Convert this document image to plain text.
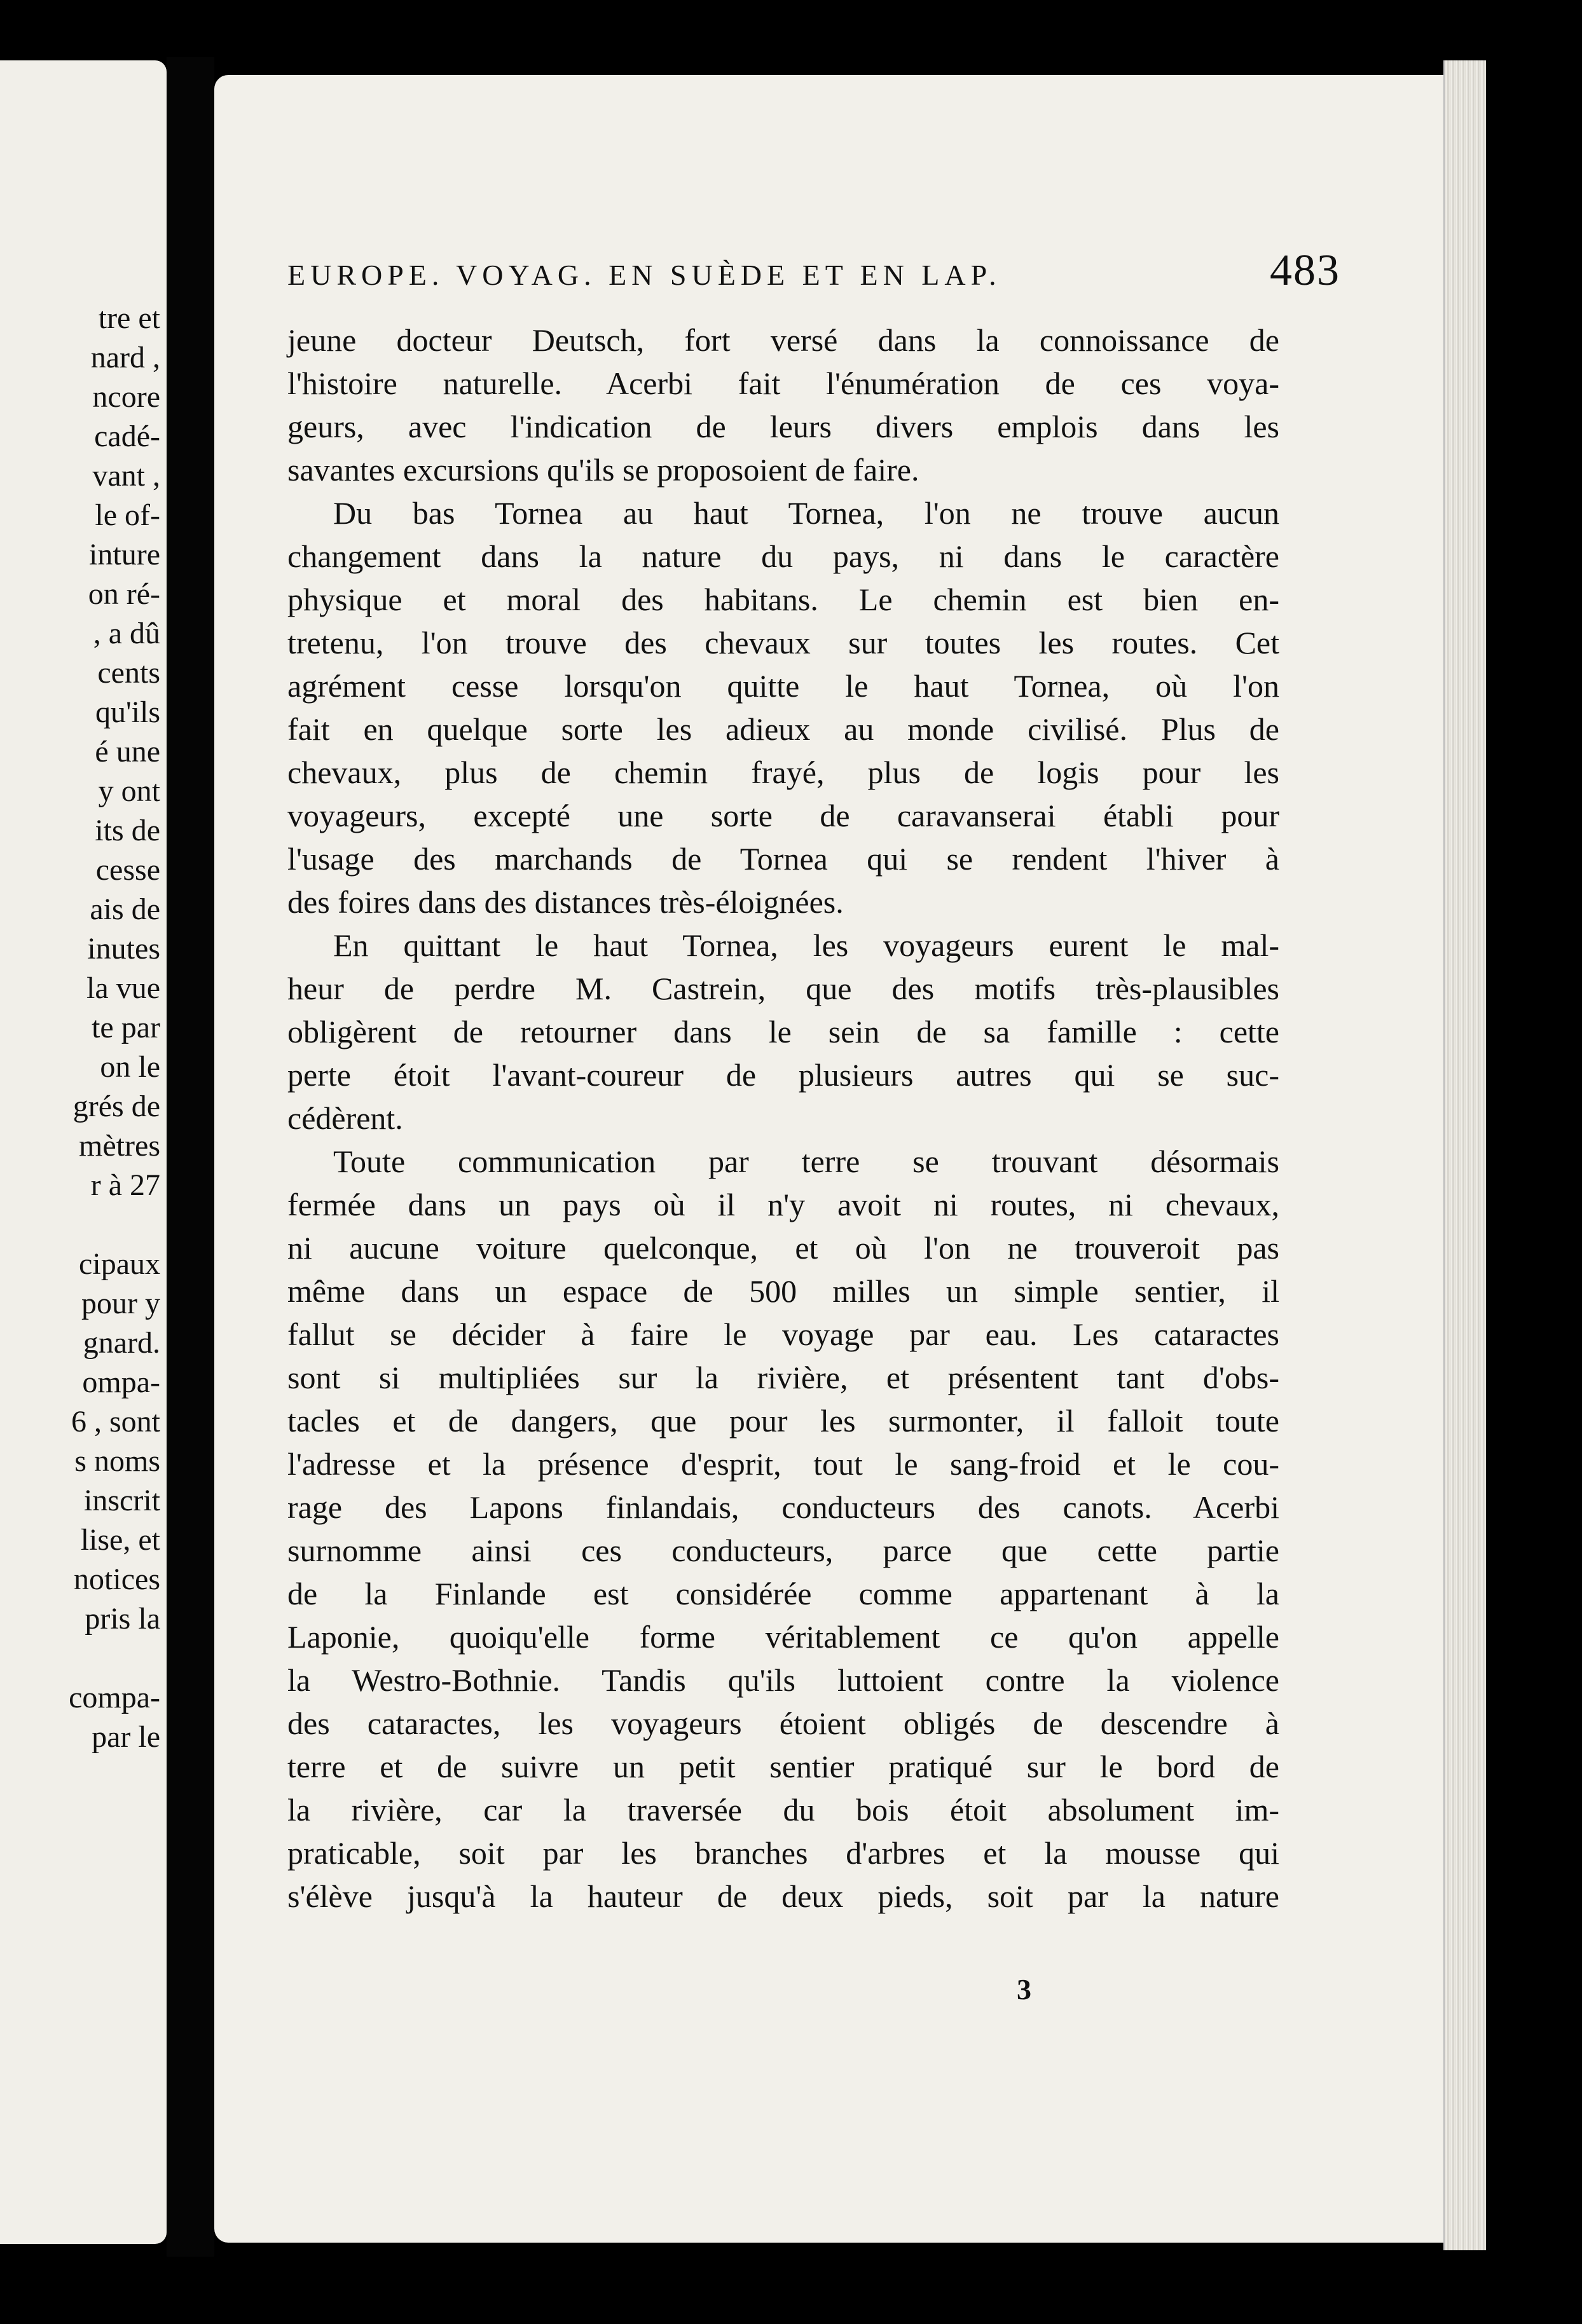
tre et
nard ,
ncore
cadé-
vant ,
le of-
inture
on ré-
, a dû
cents
qu'ils
é une
y ont
its de
cesse
ais de
inutes
la vue
te par
on le
grés de
mètres
r à 27
cipaux
pour y
gnard.
ompa-
6 , sont
s noms
inscrit
lise, et
notices
pris la
compa-
par le
EUROPE. VOYAG. EN SUÈDE ET EN LAP.	483
jeune docteur Deutsch, fort versé dans la connoissance de
l'histoire naturelle. Acerbi fait l'énumération de ces voya-
geurs, avec l'indication de leurs divers emplois dans les
savantes excursions qu'ils se proposoient de faire.
Du bas Tornea au haut Tornea, l'on ne trouve aucun
changement dans la nature du pays, ni dans le caractère
physique et moral des habitans. Le chemin est bien en-
tretenu, l'on trouve des chevaux sur toutes les routes. Cet
agrément cesse lorsqu'on quitte le haut Tornea, où l'on
fait en quelque sorte les adieux au monde civilisé. Plus de
chevaux, plus de chemin frayé, plus de logis pour les
voyageurs, excepté une sorte de caravanserai établi pour
l'usage des marchands de Tornea qui se rendent l'hiver à
des foires dans des distances très-éloignées.
En quittant le haut Tornea, les voyageurs eurent le mal-
heur de perdre M. Castrein, que des motifs très-plausibles
obligèrent de retourner dans le sein de sa famille : cette
perte étoit l'avant-coureur de plusieurs autres qui se suc-
cédèrent.
Toute communication par terre se trouvant désormais
fermée dans un pays où il n'y avoit ni routes, ni chevaux,
ni aucune voiture quelconque, et où l'on ne trouveroit pas
même dans un espace de 500 milles un simple sentier, il
fallut se décider à faire le voyage par eau. Les cataractes
sont si multipliées sur la rivière, et présentent tant d'obs-
tacles et de dangers, que pour les surmonter, il falloit toute
l'adresse et la présence d'esprit, tout le sang-froid et le cou-
rage des Lapons finlandais, conducteurs des canots. Acerbi
surnomme ainsi ces conducteurs, parce que cette partie
de la Finlande est considérée comme appartenant à la
Laponie, quoiqu'elle forme véritablement ce qu'on appelle
la Westro-Bothnie. Tandis qu'ils luttoient contre la violence
des cataractes, les voyageurs étoient obligés de descendre à
terre et de suivre un petit sentier pratiqué sur le bord de
la rivière, car la traversée du bois étoit absolument im-
praticable, soit par les branches d'arbres et la mousse qui
s'élève jusqu'à la hauteur de deux pieds, soit par la nature
3
